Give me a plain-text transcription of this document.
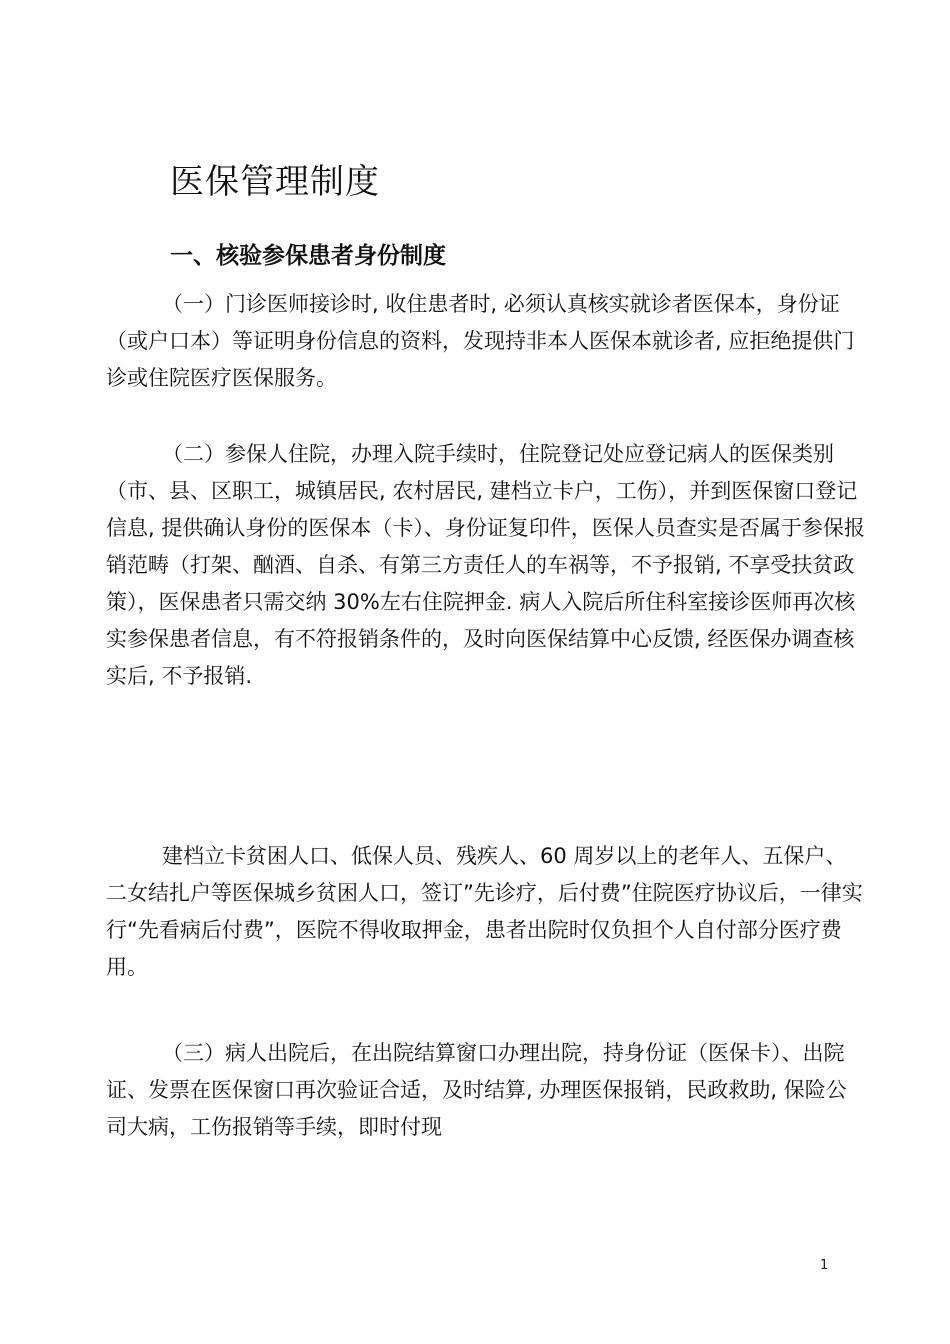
医保管理制度
一、核验参保患者身份制度

（一）门诊医师接诊时, 收住患者时, 必须认真核实就诊者医保本，身份证（或户口本）等证明身份信息的资料，发现持非本人医保本就诊者, 应拒绝提供门诊或住院医疗医保服务。

（二）参保人住院，办理入院手续时，住院登记处应登记病人的医保类别（市、县、区职工，城镇居民, 农村居民, 建档立卡户，工伤），并到医保窗口登记信息, 提供确认身份的医保本（卡）、身份证复印件，医保人员查实是否属于参保报销范畴（打架、酗酒、自杀、有第三方责任人的车祸等，不予报销, 不享受扶贫政策），医保患者只需交纳 30%左右住院押金. 病人入院后所住科室接诊医师再次核实参保患者信息，有不符报销条件的，及时向医保结算中心反馈, 经医保办调查核实后, 不予报销.

建档立卡贫困人口、低保人员、残疾人、60 周岁以上的老年人、五保户、二女结扎户等医保城乡贫困人口，签订”先诊疗，后付费”住院医疗协议后，一律实行“先看病后付费”，医院不得收取押金，患者出院时仅负担个人自付部分医疗费用。

（三）病人出院后，在出院结算窗口办理出院，持身份证（医保卡）、出院证、发票在医保窗口再次验证合适，及时结算, 办理医保报销，民政救助, 保险公司大病，工伤报销等手续，即时付现

1
